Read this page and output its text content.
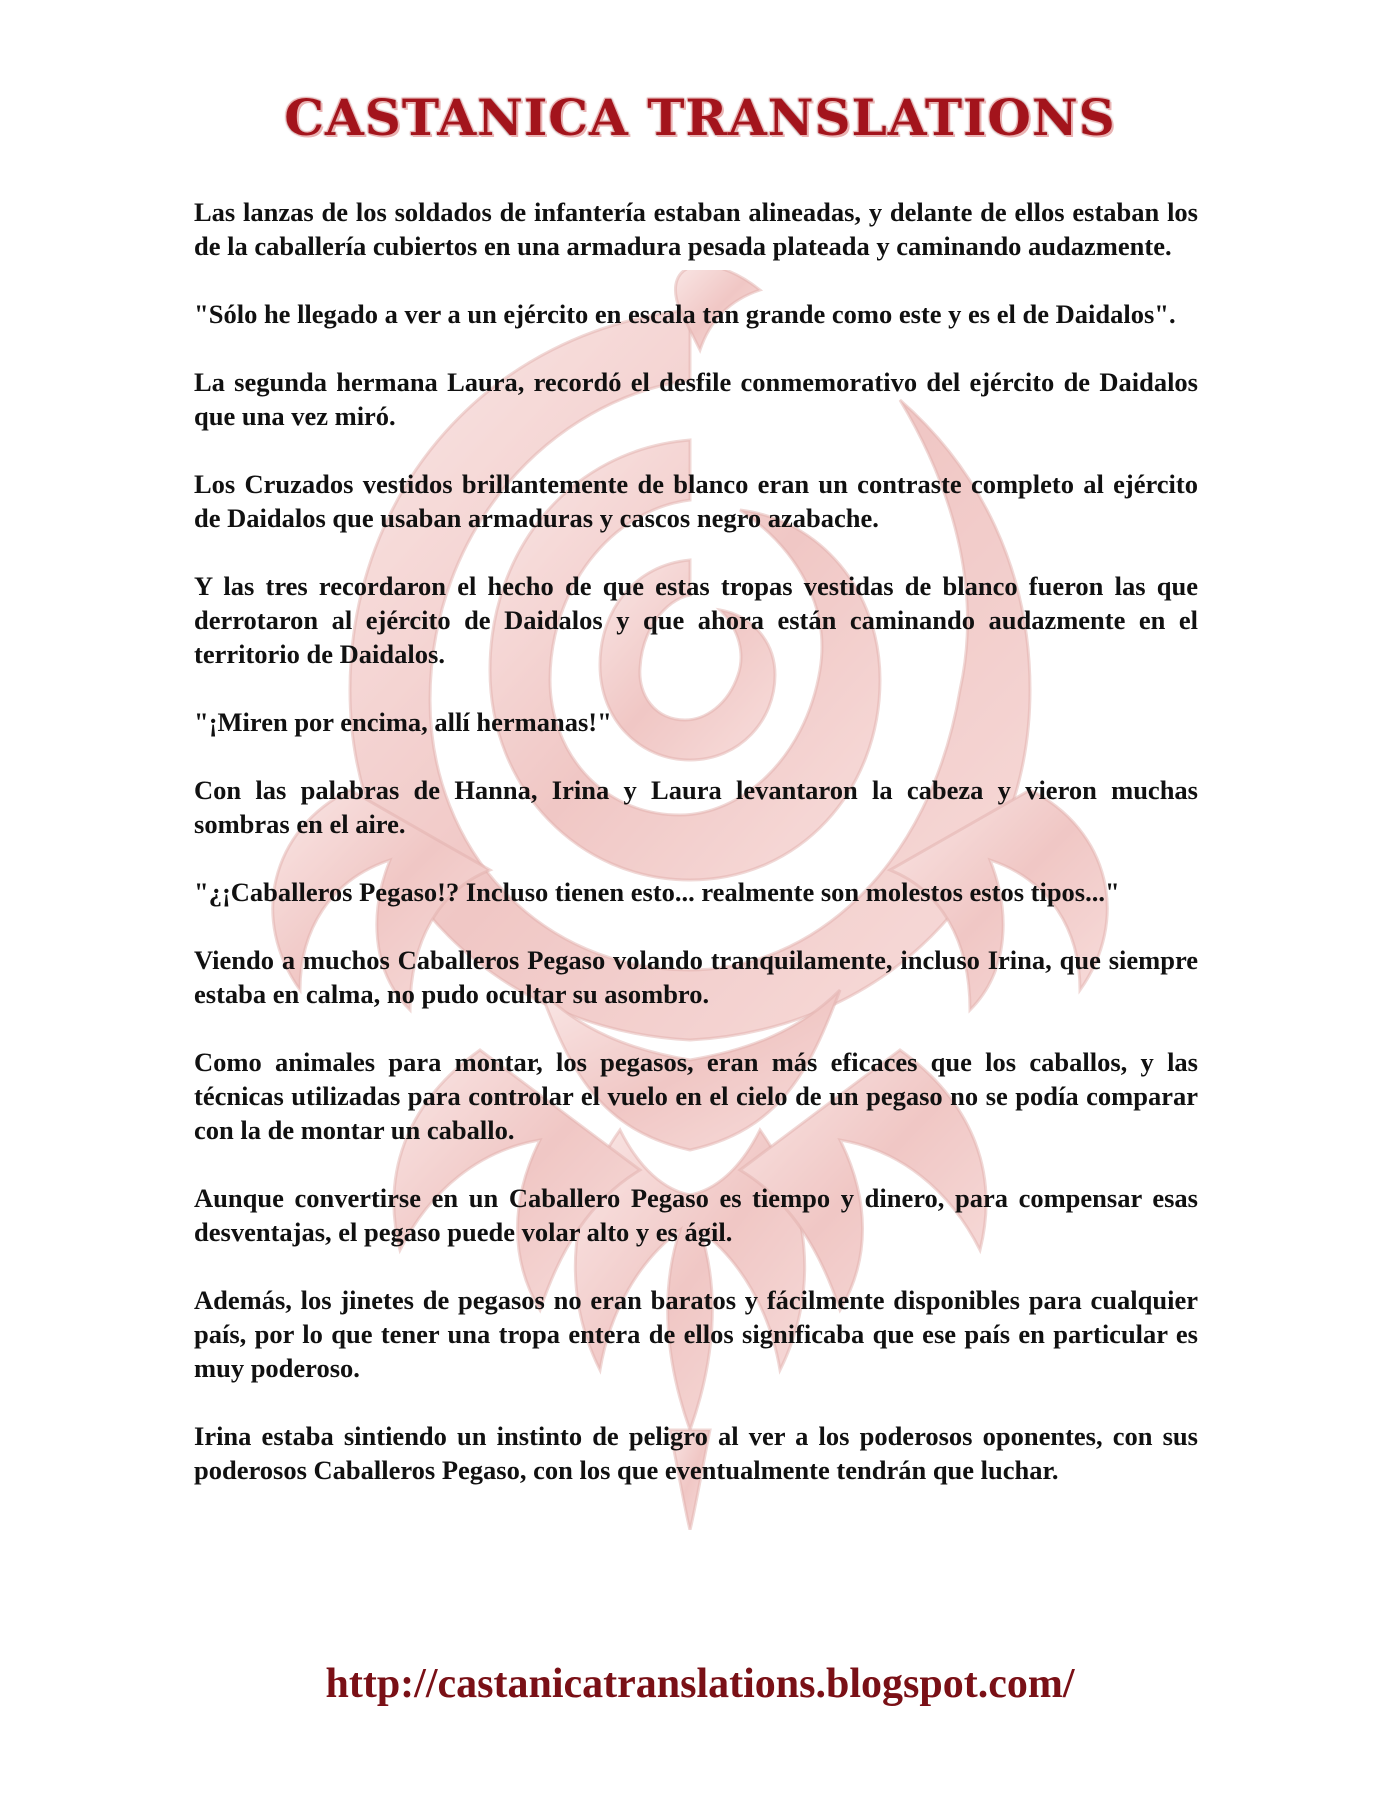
CASTANICA TRANSLATIONS

Las lanzas de los soldados de infantería estaban alineadas, y delante de ellos estaban los de la caballería cubiertos en una armadura pesada plateada y caminando audazmente.

"Sólo he llegado a ver a un ejército en escala tan grande como este y es el de Daidalos".

La segunda hermana Laura, recordó el desfile conmemorativo del ejército de Daidalos que una vez miró.

Los Cruzados vestidos brillantemente de blanco eran un contraste completo al ejército de Daidalos que usaban armaduras y cascos negro azabache.

Y las tres recordaron el hecho de que estas tropas vestidas de blanco fueron las que derrotaron al ejército de Daidalos y que ahora están caminando audazmente en el territorio de Daidalos.

"¡Miren por encima, allí hermanas!"

Con las palabras de Hanna, Irina y Laura levantaron la cabeza y vieron muchas sombras en el aire.

"¿¡Caballeros Pegaso!? Incluso tienen esto... realmente son molestos estos tipos..."

Viendo a muchos Caballeros Pegaso volando tranquilamente, incluso Irina, que siempre estaba en calma, no pudo ocultar su asombro.

Como animales para montar, los pegasos, eran más eficaces que los caballos, y las técnicas utilizadas para controlar el vuelo en el cielo de un pegaso no se podía comparar con la de montar un caballo.

Aunque convertirse en un Caballero Pegaso es tiempo y dinero, para compensar esas desventajas, el pegaso puede volar alto y es ágil.

Además, los jinetes de pegasos no eran baratos y fácilmente disponibles para cualquier país, por lo que tener una tropa entera de ellos significaba que ese país en particular es muy poderoso.

Irina estaba sintiendo un instinto de peligro al ver a los poderosos oponentes, con sus poderosos Caballeros Pegaso, con los que eventualmente tendrán que luchar.

http://castanicatranslations.blogspot.com/
